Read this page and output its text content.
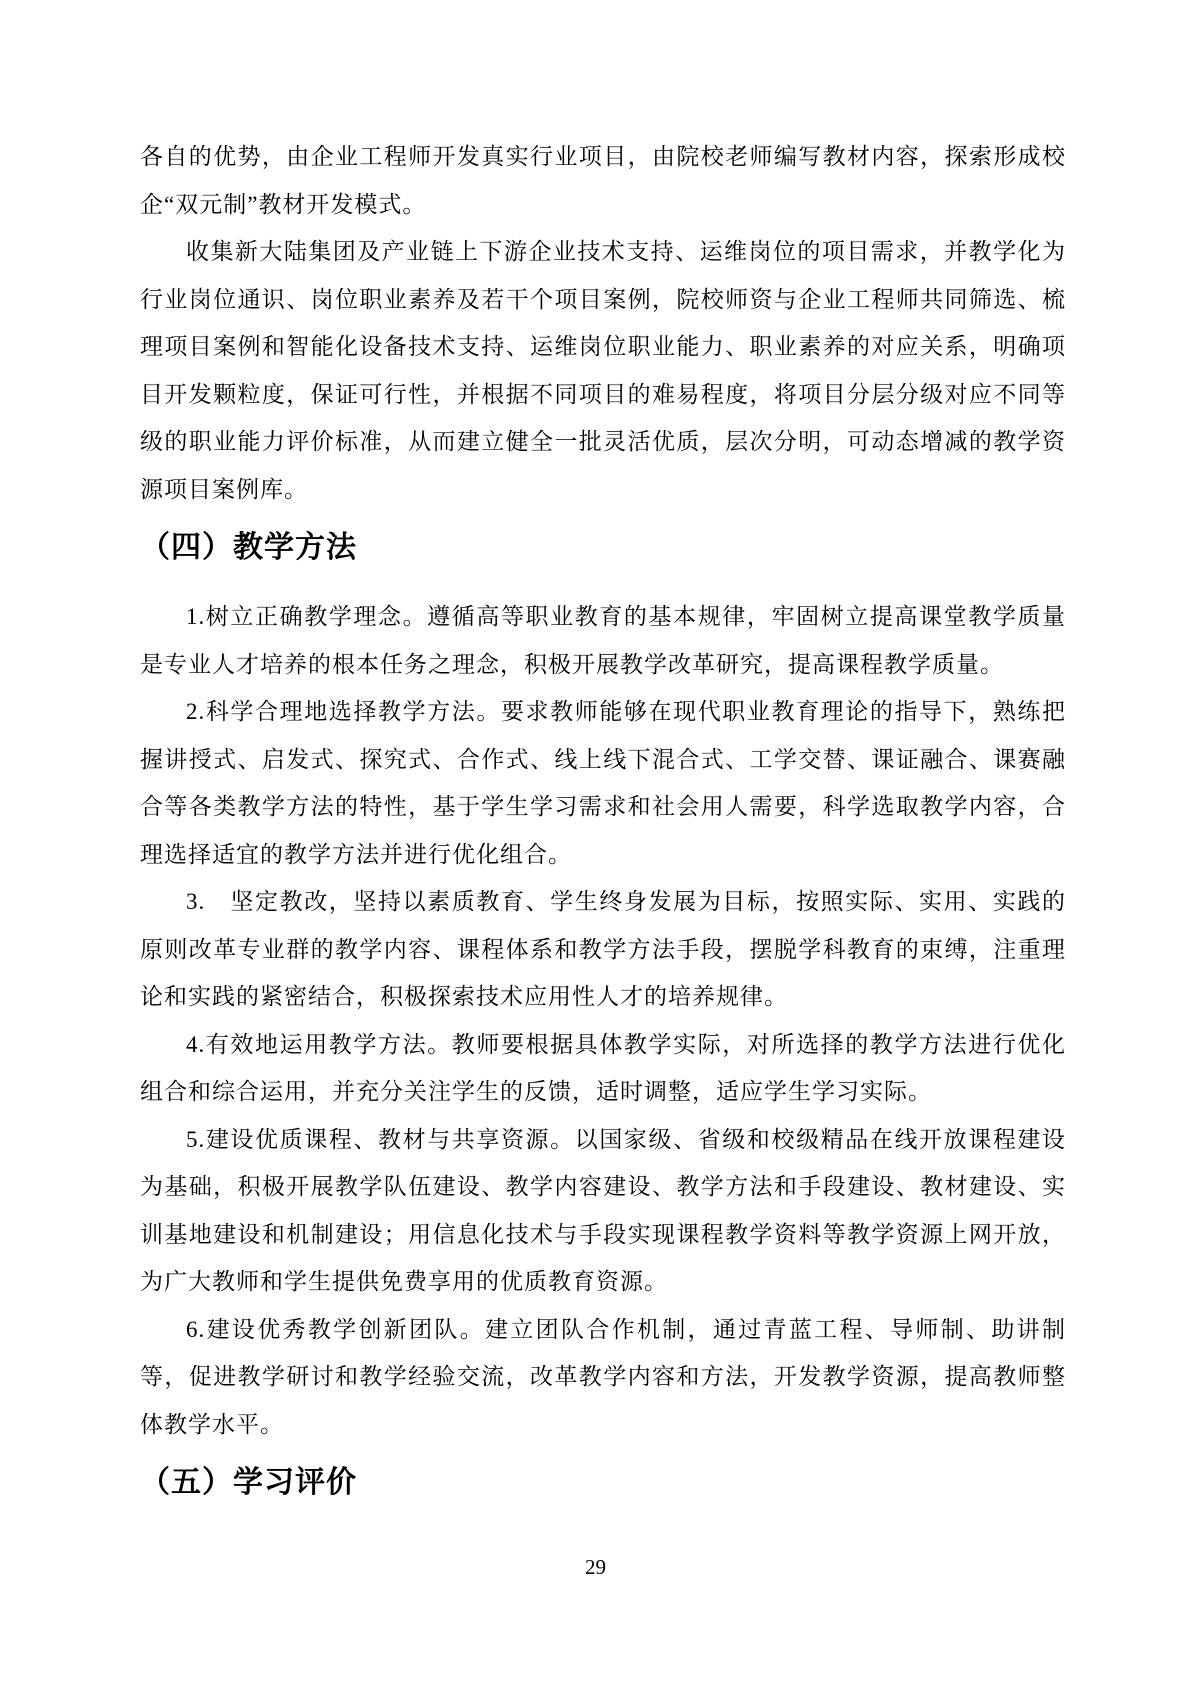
各自的优势，由企业工程师开发真实行业项目，由院校老师编写教材内容，探索形成校企“双元制”教材开发模式。

收集新大陆集团及产业链上下游企业技术支持、运维岗位的项目需求，并教学化为行业岗位通识、岗位职业素养及若干个项目案例，院校师资与企业工程师共同筛选、梳理项目案例和智能化设备技术支持、运维岗位职业能力、职业素养的对应关系，明确项目开发颗粒度，保证可行性，并根据不同项目的难易程度，将项目分层分级对应不同等级的职业能力评价标准，从而建立健全一批灵活优质，层次分明，可动态增减的教学资源项目案例库。

（四）教学方法

1.树立正确教学理念。遵循高等职业教育的基本规律，牢固树立提高课堂教学质量是专业人才培养的根本任务之理念，积极开展教学改革研究，提高课程教学质量。

2.科学合理地选择教学方法。要求教师能够在现代职业教育理论的指导下，熟练把握讲授式、启发式、探究式、合作式、线上线下混合式、工学交替、课证融合、课赛融合等各类教学方法的特性，基于学生学习需求和社会用人需要，科学选取教学内容，合理选择适宜的教学方法并进行优化组合。

3.　坚定教改，坚持以素质教育、学生终身发展为目标，按照实际、实用、实践的原则改革专业群的教学内容、课程体系和教学方法手段，摆脱学科教育的束缚，注重理论和实践的紧密结合，积极探索技术应用性人才的培养规律。

4.有效地运用教学方法。教师要根据具体教学实际，对所选择的教学方法进行优化组合和综合运用，并充分关注学生的反馈，适时调整，适应学生学习实际。

5.建设优质课程、教材与共享资源。以国家级、省级和校级精品在线开放课程建设为基础，积极开展教学队伍建设、教学内容建设、教学方法和手段建设、教材建设、实训基地建设和机制建设；用信息化技术与手段实现课程教学资料等教学资源上网开放，为广大教师和学生提供免费享用的优质教育资源。

6.建设优秀教学创新团队。建立团队合作机制，通过青蓝工程、导师制、助讲制等，促进教学研讨和教学经验交流，改革教学内容和方法，开发教学资源，提高教师整体教学水平。

（五）学习评价
29
